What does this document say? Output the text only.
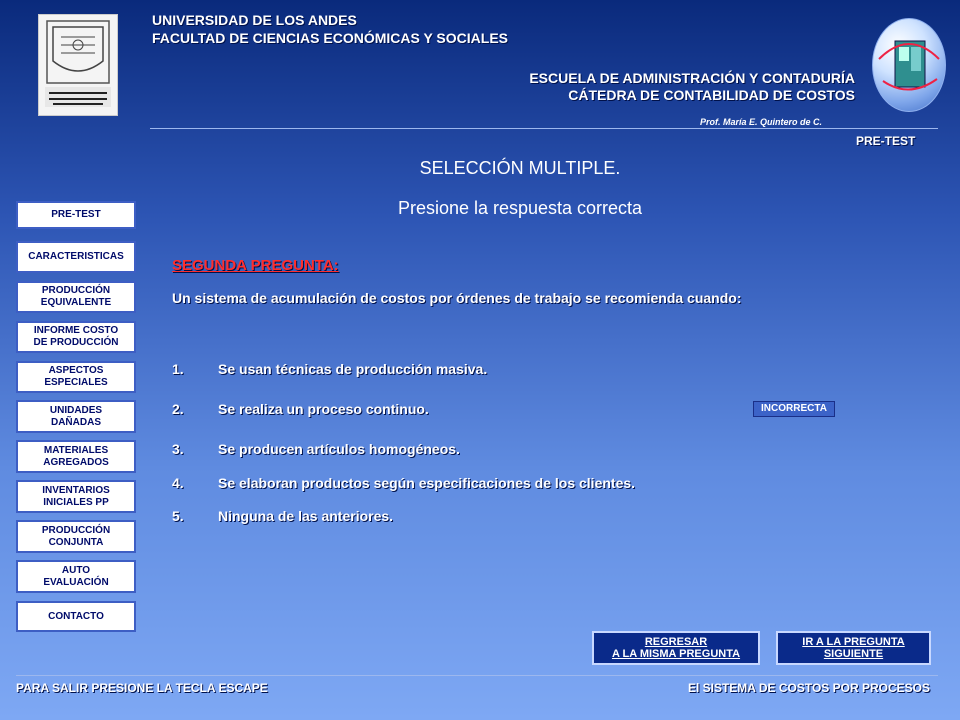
UNIVERSIDAD DE LOS ANDES
FACULTAD DE CIENCIAS ECONÓMICAS Y SOCIALES
ESCUELA DE ADMINISTRACIÓN Y CONTADURÍA
CÁTEDRA DE CONTABILIDAD DE COSTOS
Prof. María E. Quintero de C.
PRE-TEST
SELECCIÓN MULTIPLE.
Presione la respuesta correcta
PRE-TEST
CARACTERISTICAS
PRODUCCIÓN
EQUIVALENTE
INFORME COSTO
DE PRODUCCIÓN
ASPECTOS
ESPECIALES
UNIDADES
DAÑADAS
MATERIALES
AGREGADOS
INVENTARIOS
INICIALES PP
PRODUCCIÓN
CONJUNTA
AUTO
EVALUACIÓN
CONTACTO
SEGUNDA PREGUNTA:
Un sistema de acumulación de costos por órdenes de trabajo se recomienda cuando:
1. Se usan técnicas de producción masiva.
2. Se realiza un proceso continuo.
3. Se producen artículos homogéneos.
4. Se elaboran productos según especificaciones de los clientes.
5. Ninguna de las anteriores.
INCORRECTA
REGRESAR
A LA MISMA PREGUNTA
IR A LA PREGUNTA
SIGUIENTE
PARA SALIR PRESIONE LA TECLA ESCAPE	El SISTEMA DE COSTOS POR PROCESOS
